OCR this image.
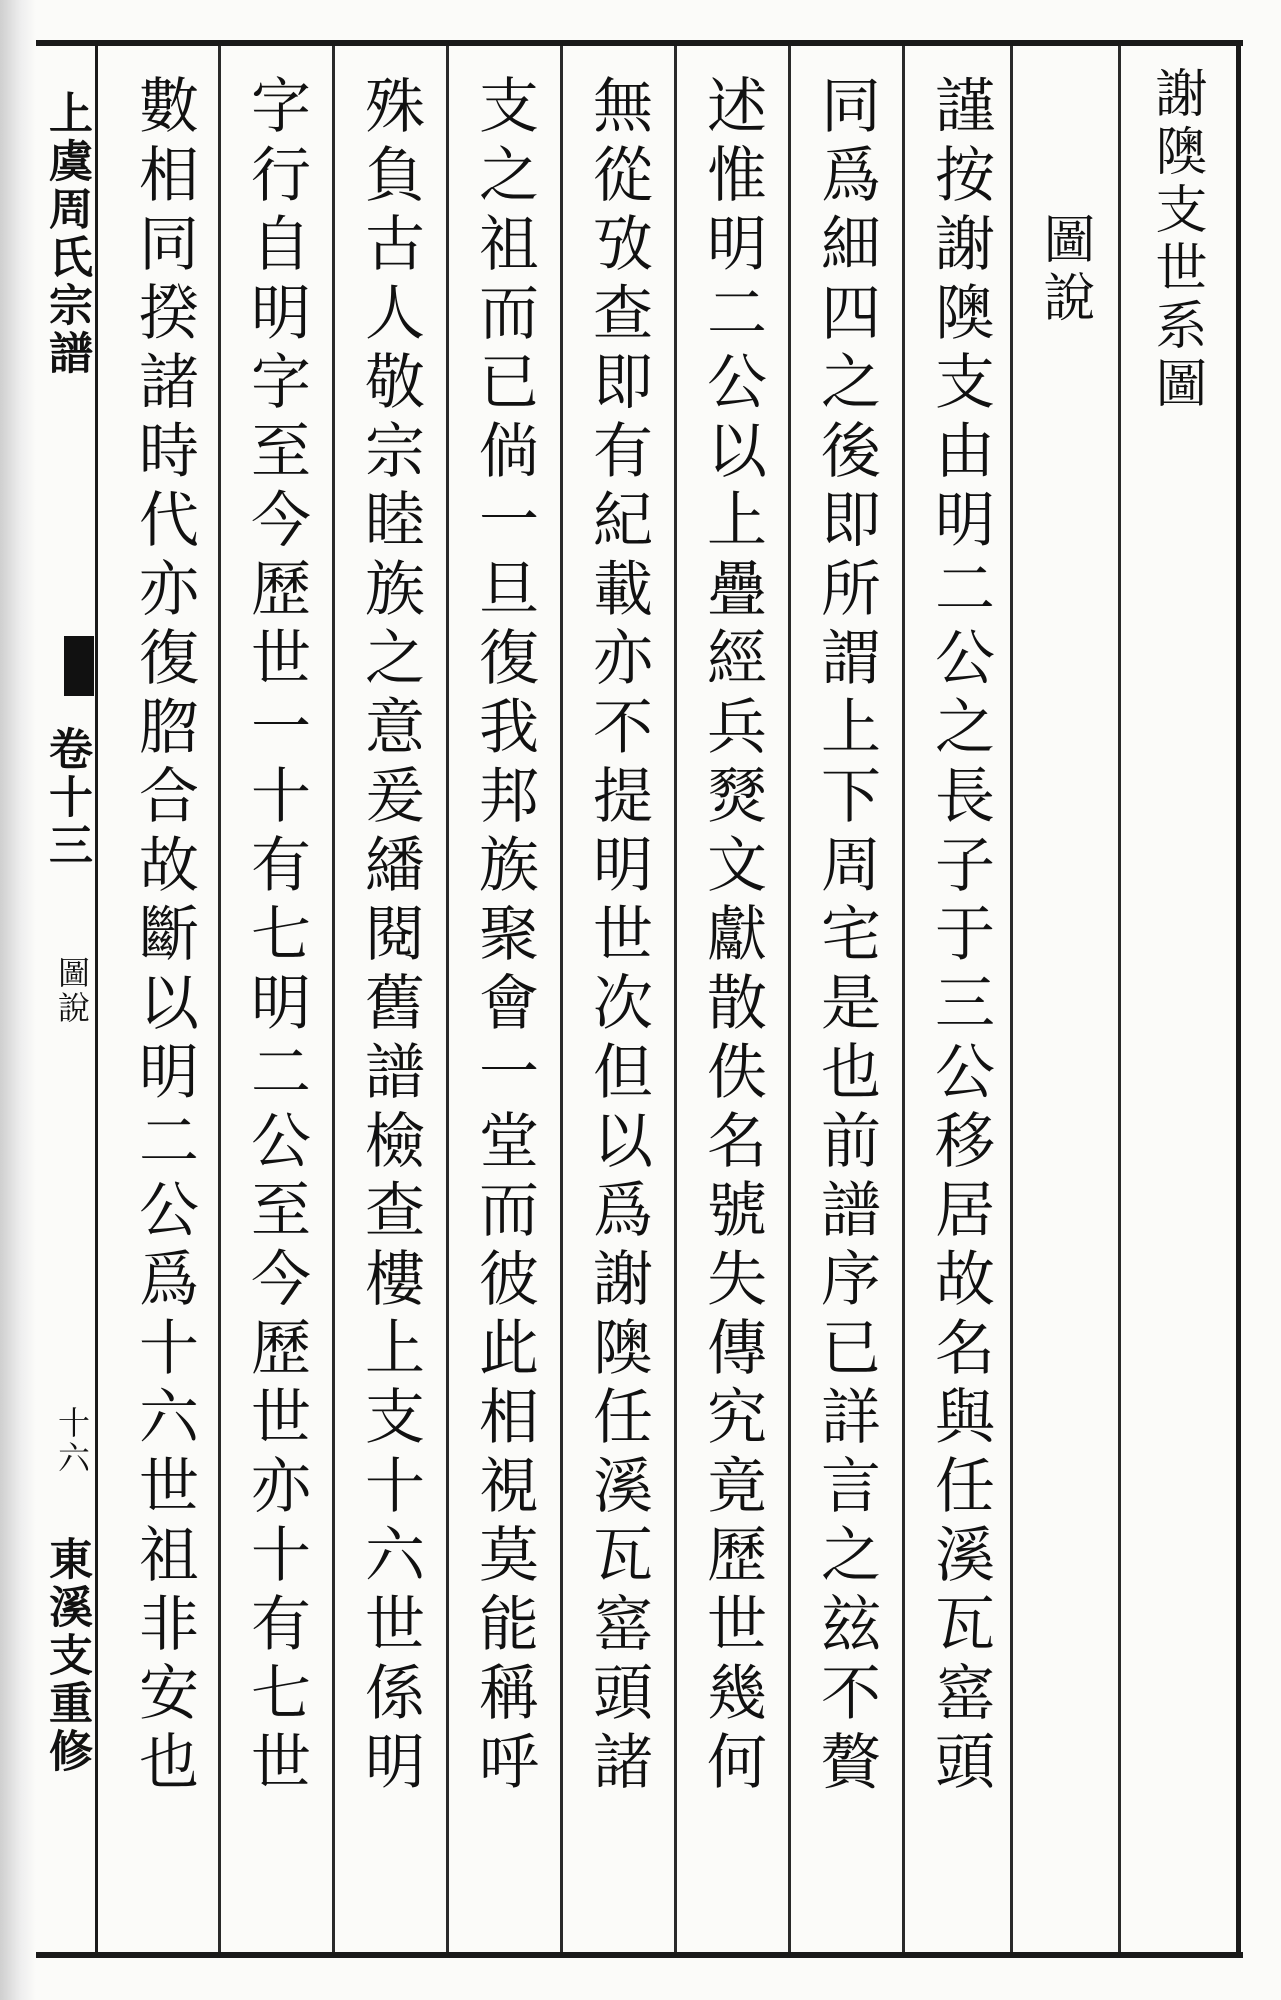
上虞周氏宗譜
卷十三
圖說
十六
東溪支重修
謝隩支世系圖
圖說
謹按謝隩支由明二公之長子于三公移居故名與任溪瓦窰頭
同爲細四之後即所謂上下周宅是也前譜序已詳言之玆不贅
述惟明二公以上疊經兵燹文獻散佚名號失傳究竟歷世幾何
無從攷查即有紀載亦不提明世次但以爲謝隩任溪瓦窰頭諸
支之祖而已倘一旦復我邦族聚會一堂而彼此相視莫能稱呼
殊負古人敬宗睦族之意爰繙閱舊譜檢查樓上支十六世係明
字行自明字至今歷世一十有七明二公至今歷世亦十有七世
數相同揆諸時代亦復脗合故斷以明二公爲十六世祖非安也
